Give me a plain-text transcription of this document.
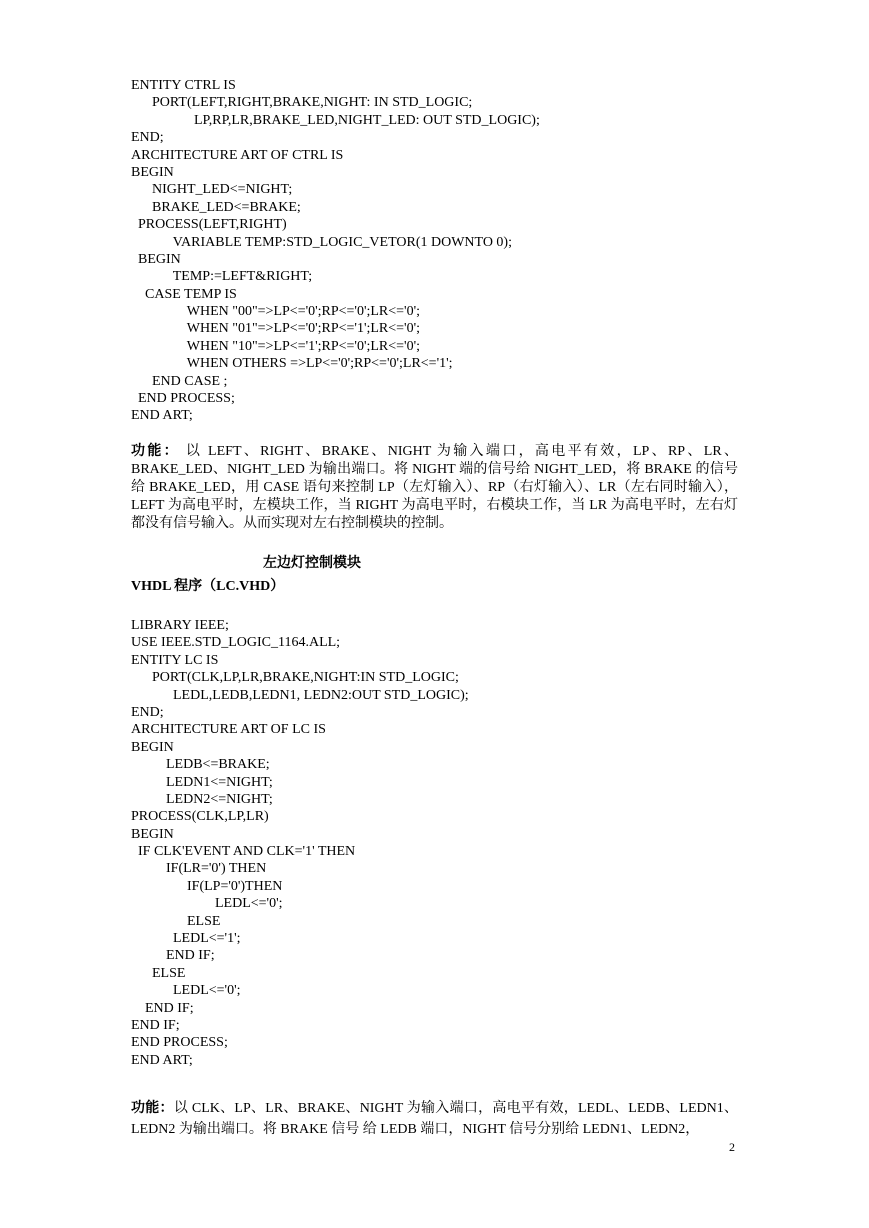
ENTITY CTRL IS
PORT(LEFT,RIGHT,BRAKE,NIGHT: IN STD_LOGIC;
LP,RP,LR,BRAKE_LED,NIGHT_LED: OUT STD_LOGIC);
END;
ARCHITECTURE ART OF CTRL IS
BEGIN
NIGHT_LED<=NIGHT;
BRAKE_LED<=BRAKE;
PROCESS(LEFT,RIGHT)
VARIABLE TEMP:STD_LOGIC_VETOR(1 DOWNTO 0);
BEGIN
TEMP:=LEFT&RIGHT;
CASE TEMP IS
WHEN "00"=>LP<='0';RP<='0';LR<='0';
WHEN "01"=>LP<='0';RP<='1';LR<='0';
WHEN "10"=>LP<='1';RP<='0';LR<='0';
WHEN OTHERS =>LP<='0';RP<='0';LR<='1';
END CASE ;
END PROCESS;
END ART;

功能： 以 LEFT、RIGHT、BRAKE、NIGHT 为输入端口，高电平有效，LP、RP、LR、BRAKE_LED、NIGHT_LED 为输出端口。将 NIGHT 端的信号给 NIGHT_LED，将 BRAKE 的信号给 BRAKE_LED，用 CASE 语句来控制 LP（左灯输入）、RP（右灯输入）、LR（左右同时输入），LEFT 为高电平时，左模块工作，当 RIGHT 为高电平时，右模块工作，当 LR 为高电平时，左右灯都没有信号输入。从而实现对左右控制模块的控制。

左边灯控制模块

VHDL 程序（LC.VHD）

LIBRARY IEEE;
USE IEEE.STD_LOGIC_1164.ALL;
ENTITY LC IS
PORT(CLK,LP,LR,BRAKE,NIGHT:IN STD_LOGIC;
LEDL,LEDB,LEDN1, LEDN2:OUT STD_LOGIC);
END;
ARCHITECTURE ART OF LC IS
BEGIN
LEDB<=BRAKE;
LEDN1<=NIGHT;
LEDN2<=NIGHT;
PROCESS(CLK,LP,LR)
BEGIN
IF CLK'EVENT AND CLK='1' THEN
IF(LR='0') THEN
IF(LP='0')THEN
LEDL<='0';
ELSE
LEDL<='1';
END IF;
ELSE
LEDL<='0';
END IF;
END IF;
END PROCESS;
END ART;

功能：以 CLK、LP、LR、BRAKE、NIGHT 为输入端口，高电平有效，LEDL、LEDB、LEDN1、LEDN2 为输出端口。将 BRAKE 信号 给 LEDB 端口，NIGHT 信号分别给 LEDN1、LEDN2，

2
